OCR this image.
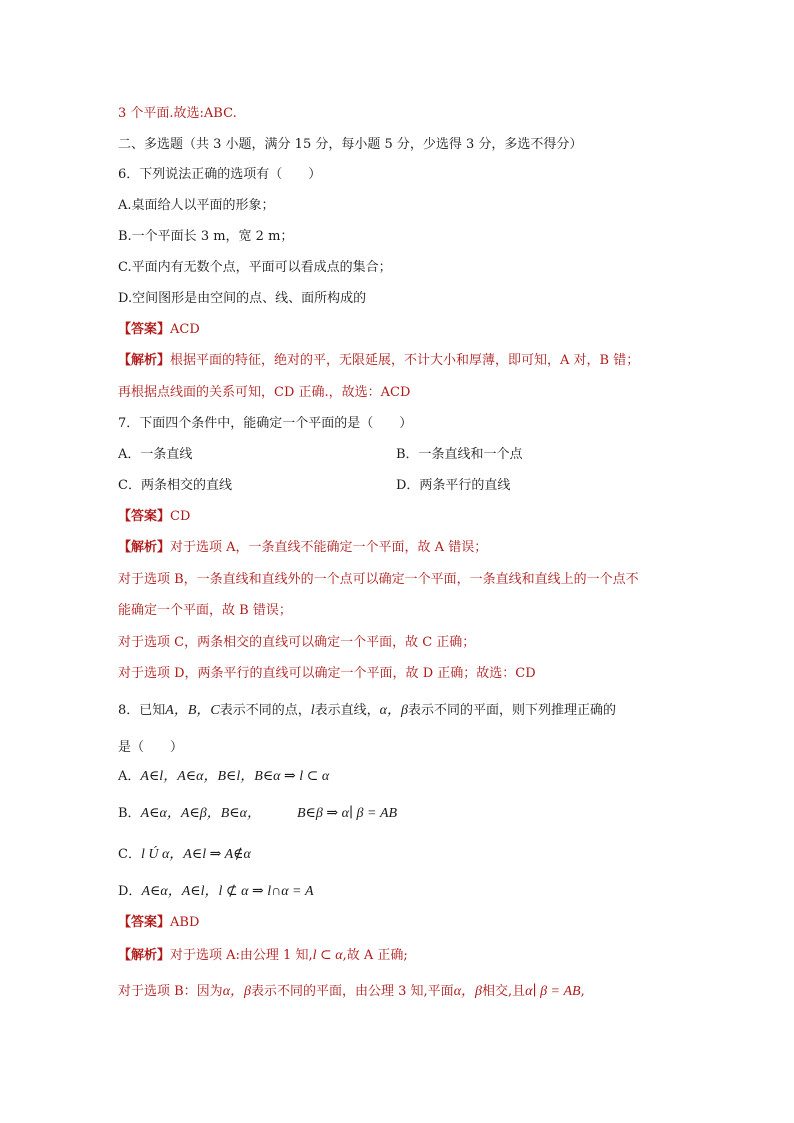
3 个平面.故选:ABC.
二、多选题（共 3 小题，满分 15 分，每小题 5 分，少选得 3 分，多选不得分）
6．下列说法正确的选项有（　　）
A.桌面给人以平面的形象；
B.一个平面长 3 m，宽 2 m；
C.平面内有无数个点，平面可以看成点的集合；
D.空间图形是由空间的点、线、面所构成的
【答案】ACD
【解析】根据平面的特征，绝对的平，无限延展，不计大小和厚薄，即可知，A 对，B 错；
再根据点线面的关系可知，CD 正确.，故选：ACD
7．下面四个条件中，能确定一个平面的是（　　）
A．一条直线	B．一条直线和一个点
C．两条相交的直线	D．两条平行的直线
【答案】CD
【解析】对于选项 A，一条直线不能确定一个平面，故 A 错误；
对于选项 B，一条直线和直线外的一个点可以确定一个平面，一条直线和直线上的一个点不
能确定一个平面，故 B 错误；
对于选项 C，两条相交的直线可以确定一个平面，故 C 正确；
对于选项 D，两条平行的直线可以确定一个平面，故 D 正确；故选：CD
8．已知A，B，C表示不同的点，l表示直线，α，β表示不同的平面，则下列推理正确的
是（　　）
A．A∈l，A∈α，B∈l，B∈α ⇒ l ⊂ α
B．A∈α，A∈β，B∈α，	B∈β ⇒ α∣ β = AB
C．l Ú α，A∈l ⇒ A∉α
D．A∈α，A∈l，l ⊄ α ⇒ l∩α = A
【答案】ABD
【解析】对于选项 A:由公理 1 知,l ⊂ α,故 A 正确;
对于选项 B：因为α，β表示不同的平面，由公理 3 知,平面α，β相交,且α∣ β = AB,
